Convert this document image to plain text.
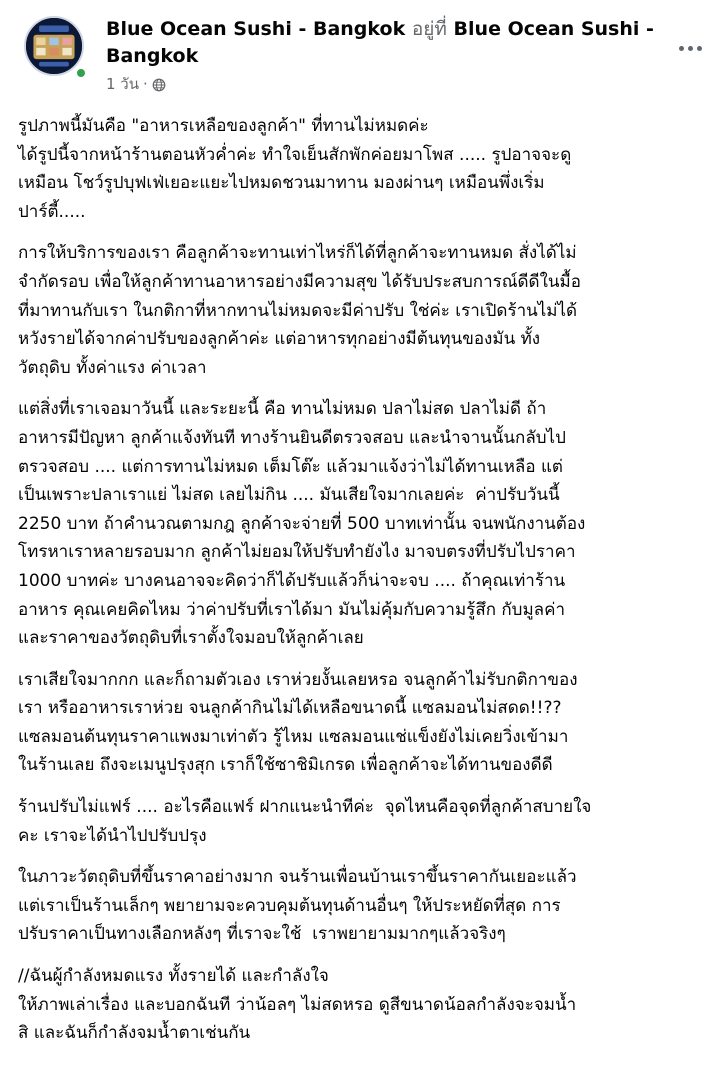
Blue Ocean Sushi - Bangkok อยู่ที่ Blue Ocean Sushi - Bangkok
1 วัน ·

รูปภาพนี้มันคือ "อาหารเหลือของลูกค้า" ที่ทานไม่หมดค่ะ
ได้รูปนี้จากหน้าร้านตอนหัวค่ำค่ะ ทำใจเย็นสักพักค่อยมาโพส ..... รูปอาจจะดู
เหมือน โชว์รูปบุฟเฟ่เยอะแยะไปหมดชวนมาทาน มองผ่านๆ เหมือนพึ่งเริ่ม
ปาร์ตี้.....

การให้บริการของเรา คือลูกค้าจะทานเท่าไหร่ก็ได้ที่ลูกค้าจะทานหมด สั่งได้ไม่
จำกัดรอบ เพื่อให้ลูกค้าทานอาหารอย่างมีความสุข ได้รับประสบการณ์ดีดีในมื้อ
ที่มาทานกับเรา ในกติกาที่หากทานไม่หมดจะมีค่าปรับ ใช่ค่ะ เราเปิดร้านไม่ได้
หวังรายได้จากค่าปรับของลูกค้าค่ะ แต่อาหารทุกอย่างมีต้นทุนของมัน ทั้ง
วัตถุดิบ ทั้งค่าแรง ค่าเวลา

แต่สิ่งที่เราเจอมาวันนี้ และระยะนี้ คือ ทานไม่หมด ปลาไม่สด ปลาไม่ดี ถ้า
อาหารมีปัญหา ลูกค้าแจ้งทันที ทางร้านยินดีตรวจสอบ และนำจานนั้นกลับไป
ตรวจสอบ .... แต่การทานไม่หมด เต็มโต๊ะ แล้วมาแจ้งว่าไม่ได้ทานเหลือ แต่
เป็นเพราะปลาเราแย่ ไม่สด เลยไม่กิน .... มันเสียใจมากเลยค่ะ  ค่าปรับวันนี้
2250 บาท ถ้าคำนวณตามกฎ ลูกค้าจะจ่ายที่ 500 บาทเท่านั้น จนพนักงานต้อง
โทรหาเราหลายรอบมาก ลูกค้าไม่ยอมให้ปรับทำยังไง มาจบตรงที่ปรับไปราคา
1000 บาทค่ะ บางคนอาจจะคิดว่าก็ได้ปรับแล้วก็น่าจะจบ .... ถ้าคุณเท่าร้าน
อาหาร คุณเคยคิดไหม ว่าค่าปรับที่เราได้มา มันไม่คุ้มกับความรู้สึก กับมูลค่า
และราคาของวัตถุดิบที่เราตั้งใจมอบให้ลูกค้าเลย

เราเสียใจมากกก และก็ถามตัวเอง เราห่วยงั้นเลยหรอ จนลูกค้าไม่รับกติกาของ
เรา หรืออาหารเราห่วย จนลูกค้ากินไม่ได้เหลือขนาดนี้ แซลมอนไม่สดด!!??
แซลมอนต้นทุนราคาแพงมาเท่าตัว รู้ไหม แซลมอนแช่แข็งยังไม่เคยวิ่งเข้ามา
ในร้านเลย ถึงจะเมนูปรุงสุก เราก็ใช้ซาชิมิเกรด เพื่อลูกค้าจะได้ทานของดีดี

ร้านปรับไม่แฟร์ .... อะไรคือแฟร์ ฝากแนะนำทีค่ะ  จุดไหนคือจุดที่ลูกค้าสบายใจ
คะ เราจะได้นำไปปรับปรุง

ในภาวะวัตถุดิบที่ขึ้นราคาอย่างมาก จนร้านเพื่อนบ้านเราขึ้นราคากันเยอะแล้ว
แต่เราเป็นร้านเล็กๆ พยายามจะควบคุมต้นทุนด้านอื่นๆ ให้ประหยัดที่สุด การ
ปรับราคาเป็นทางเลือกหลังๆ ที่เราจะใช้  เราพยายามมากๆแล้วจริงๆ

//ฉันผู้กำลังหมดแรง ทั้งรายได้ และกำลังใจ
ให้ภาพเล่าเรื่อง และบอกฉันที ว่าน้อลๆ ไม่สดหรอ ดูสีขนาดน้อลกำลังจะจมน้ำ
สิ และฉันก็กำลังจมน้ำตาเช่นกัน
